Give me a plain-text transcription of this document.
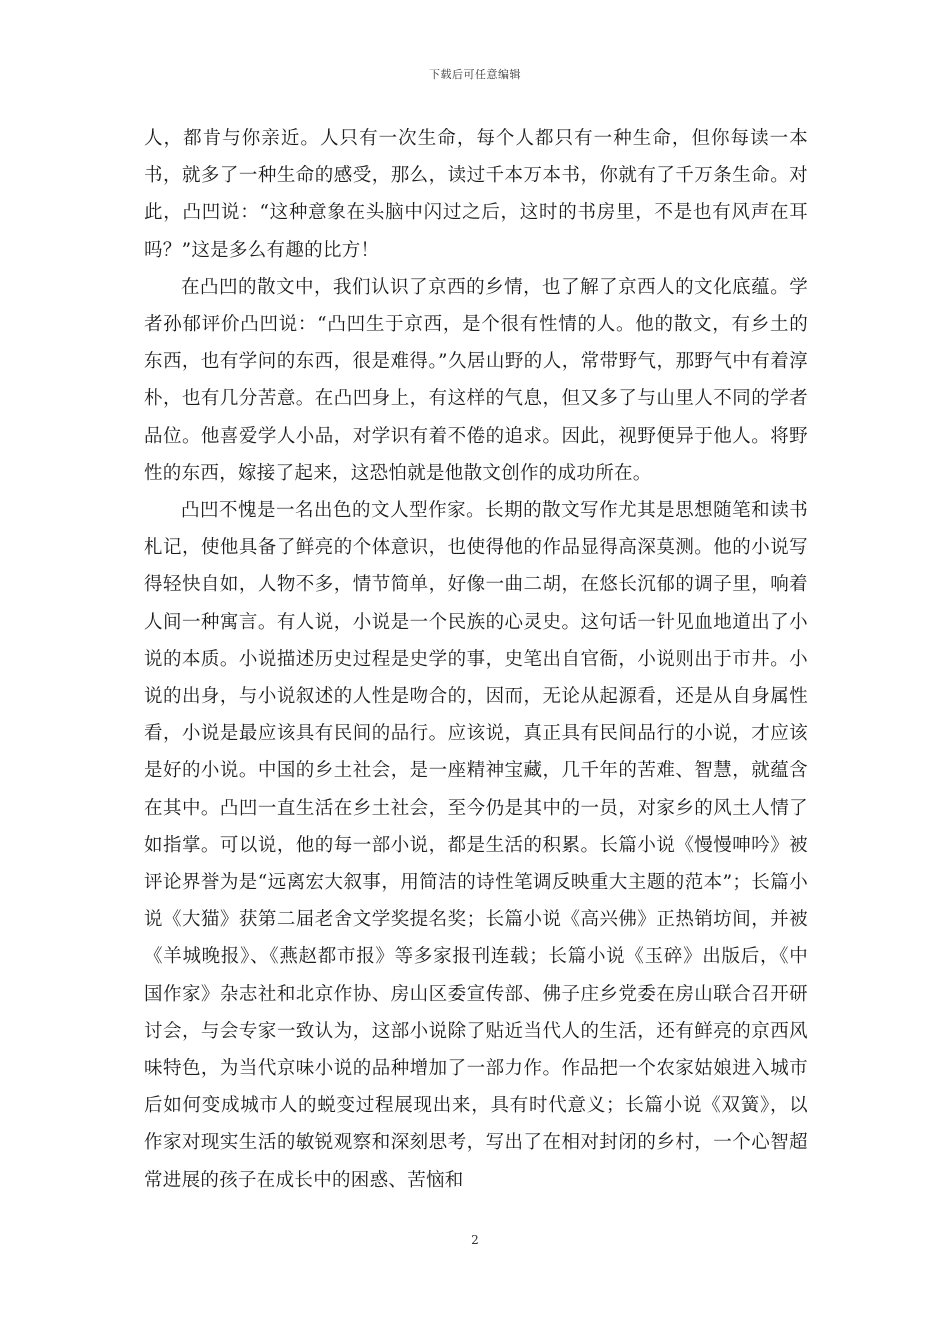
下载后可任意编辑

人，都肯与你亲近。人只有一次生命，每个人都只有一种生命，但你每读一本书，就多了一种生命的感受，那么，读过千本万本书，你就有了千万条生命。对此，凸凹说：“这种意象在头脑中闪过之后，这时的书房里，不是也有风声在耳吗？”这是多么有趣的比方！

在凸凹的散文中，我们认识了京西的乡情，也了解了京西人的文化底蕴。学者孙郁评价凸凹说：“凸凹生于京西，是个很有性情的人。他的散文，有乡土的东西，也有学问的东西，很是难得。”久居山野的人，常带野气，那野气中有着淳朴，也有几分苦意。在凸凹身上，有这样的气息，但又多了与山里人不同的学者品位。他喜爱学人小品，对学识有着不倦的追求。因此，视野便异于他人。将野性的东西，嫁接了起来，这恐怕就是他散文创作的成功所在。

凸凹不愧是一名出色的文人型作家。长期的散文写作尤其是思想随笔和读书札记，使他具备了鲜亮的个体意识，也使得他的作品显得高深莫测。他的小说写得轻快自如，人物不多，情节简单，好像一曲二胡，在悠长沉郁的调子里，响着人间一种寓言。有人说，小说是一个民族的心灵史。这句话一针见血地道出了小说的本质。小说描述历史过程是史学的事，史笔出自官衙，小说则出于市井。小说的出身，与小说叙述的人性是吻合的，因而，无论从起源看，还是从自身属性看，小说是最应该具有民间的品行。应该说，真正具有民间品行的小说，才应该是好的小说。中国的乡土社会，是一座精神宝藏，几千年的苦难、智慧，就蕴含在其中。凸凹一直生活在乡土社会，至今仍是其中的一员，对家乡的风土人情了如指掌。可以说，他的每一部小说，都是生活的积累。长篇小说《慢慢呻吟》被评论界誉为是“远离宏大叙事，用简洁的诗性笔调反映重大主题的范本”；长篇小说《大猫》获第二届老舍文学奖提名奖；长篇小说《高兴佛》正热销坊间，并被《羊城晚报》、《燕赵都市报》等多家报刊连载；长篇小说《玉碎》出版后，《中国作家》杂志社和北京作协、房山区委宣传部、佛子庄乡党委在房山联合召开研讨会，与会专家一致认为，这部小说除了贴近当代人的生活，还有鲜亮的京西风味特色，为当代京味小说的品种增加了一部力作。作品把一个农家姑娘进入城市后如何变成城市人的蜕变过程展现出来，具有时代意义；长篇小说《双簧》，以作家对现实生活的敏锐观察和深刻思考，写出了在相对封闭的乡村，一个心智超常进展的孩子在成长中的困惑、苦恼和

2
